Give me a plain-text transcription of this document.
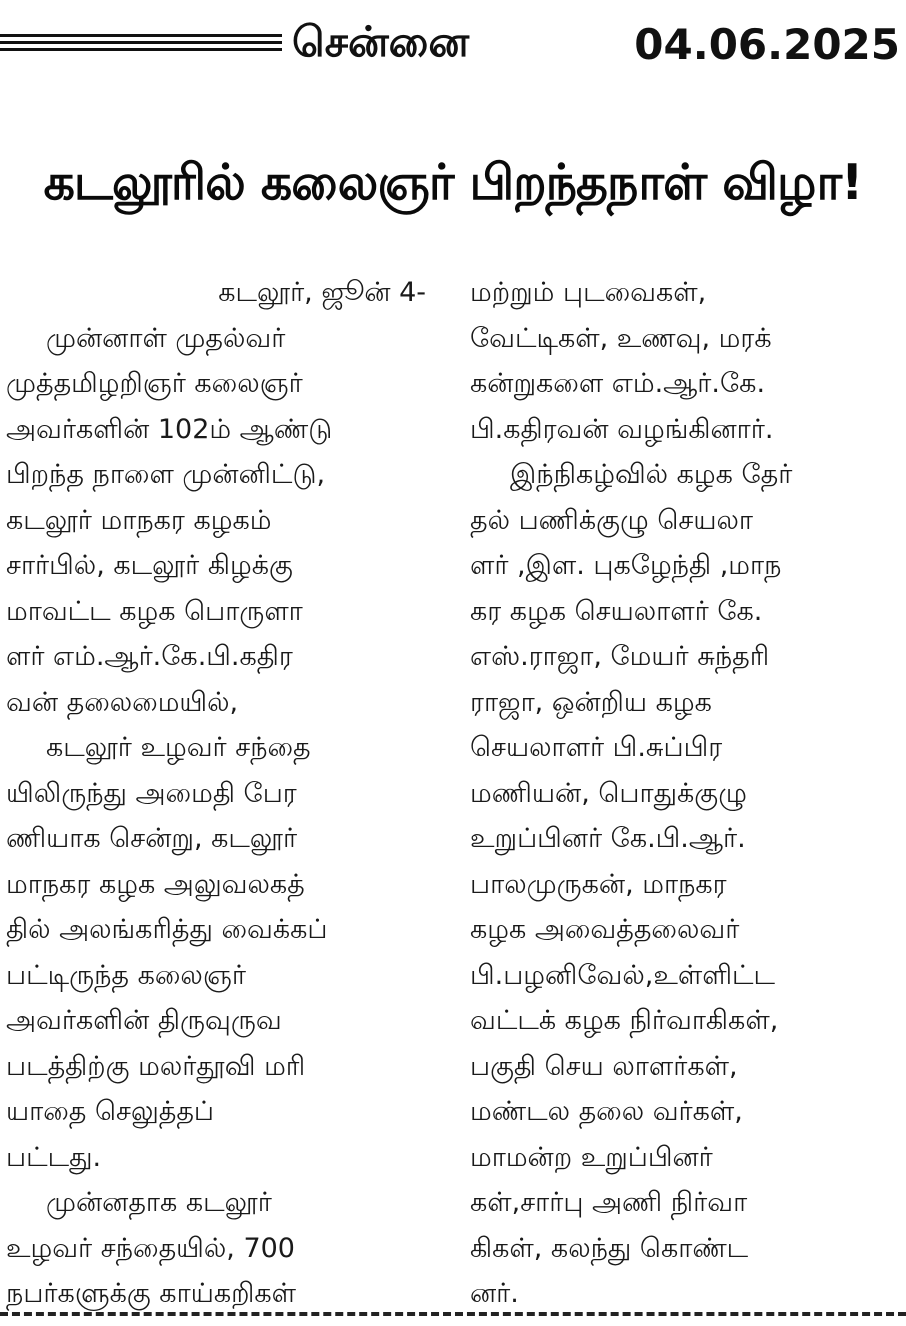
சென்னை	04.06.2025
கடலூரில் கலைஞர் பிறந்தநாள் விழா!
கடலூர், ஜூன் 4-
முன்னாள் முதல்வர்
முத்தமிழறிஞர் கலைஞர்
அவர்களின் 102ம் ஆண்டு
பிறந்த நாளை முன்னிட்டு,
கடலூர் மாநகர கழகம்
சார்பில், கடலூர் கிழக்கு
மாவட்ட கழக பொருளா
ளர் எம்.ஆர்.கே.பி.கதிர
வன் தலைமையில்,
கடலூர் உழவர் சந்தை
யிலிருந்து அமைதி பேர
ணியாக சென்று, கடலூர்
மாநகர கழக அலுவலகத்
தில் அலங்கரித்து வைக்கப்
பட்டிருந்த கலைஞர்
அவர்களின் திருவுருவ
படத்திற்கு மலர்தூவி மரி
யாதை செலுத்தப்
பட்டது.
முன்னதாக கடலூர்
உழவர் சந்தையில், 700
நபர்களுக்கு காய்கறிகள்
மற்றும் புடவைகள்,
வேட்டிகள், உணவு, மரக்
கன்றுகளை எம்.ஆர்.கே.
பி.கதிரவன் வழங்கினார்.
இந்நிகழ்வில் கழக தேர்
தல் பணிக்குழு செயலா
ளர் ,இள. புகழேந்தி ,மாந
கர கழக செயலாளர் கே.
எஸ்.ராஜா, மேயர் சுந்தரி
ராஜா, ஒன்றிய கழக
செயலாளர் பி.சுப்பிர
மணியன், பொதுக்குழு
உறுப்பினர் கே.பி.ஆர்.
பாலமுருகன், மாநகர
கழக அவைத்தலைவர்
பி.பழனிவேல்,உள்ளிட்ட
வட்டக் கழக நிர்வாகிகள்,
பகுதி செய லாளர்கள்,
மண்டல தலை வர்கள்,
மாமன்ற உறுப்பினர்
கள்,சார்பு அணி நிர்வா
கிகள், கலந்து கொண்ட
னர்.
